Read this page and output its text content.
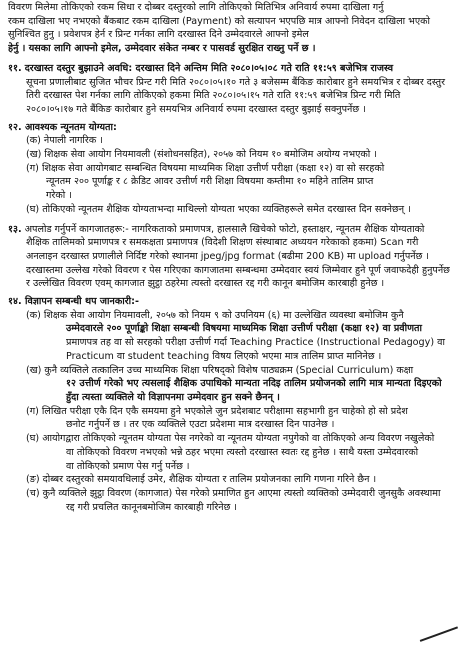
विवरण मिलेमा तोकिएको रकम सिधा र दोब्बर दस्तुरको लागि तोकिएको मितिभित्र अनिवार्य रुपमा दाखिला गर्नु
रकम दाखिला भए नभएको बैंकबाट रकम दाखिला (Payment) को सत्यापन भएपछि मात्र आफ्नो निवेदन दाखिला भएको
सुनिश्चित हुनु । प्रवेशपत्र हेर्न र प्रिन्ट गर्नका लागि दरखास्त दिने उम्मेदवारले आफ्नो इमेल
हेर्नु । यसका लागि आफ्नो इमेल, उम्मेदवार संकेत नम्बर र पासवर्ड सुरक्षित राख्नु पर्ने छ ।
११. दरखास्त दस्तुर बुझाउने अवधि: दरखास्त दिने अन्तिम मिति २०८०।०५।०८ गते राति ११:५९ बजेभित्र राजस्व
सूचना प्रणालीबाट सुजित भौचर प्रिन्ट गरी मिति २०८०।०५।१० गते ३ बजेसम्म बैंकिङ कारोबार हुने समयभित्र र दोब्बर दस्तुर
तिरी दरखास्त पेश गर्नका लागि तोकिएको हकमा मिति २०८०।०५।१५ गते राति ११:५९ बजेभित्र प्रिन्ट गरी मिति
२०८०।०५।१७ गते बैंकिङ कारोबार हुने समयभित्र अनिवार्य रुपमा दरखास्त दस्तुर बुझाई सक्नुपर्नेछ ।
१२. आवश्यक न्यूनतम योग्यता:
(क) नेपाली नागरिक ।
(ख) शिक्षक सेवा आयोग नियमावली (संशोधनसहित), २०५७ को नियम १० बमोजिम अयोग्य नभएको ।
(ग) शिक्षक सेवा आयोगबाट सम्बन्धित विषयमा माध्यमिक शिक्षा उत्तीर्ण परीक्षा (कक्षा १२) वा सो सरहको
न्यूनतम २०० पूर्णाङ्क र ८ क्रेडिट आवर उत्तीर्ण गरी शिक्षा विषयमा कम्तीमा १० महिने तालिम प्राप्त
गरेको ।
(घ) तोकिएको न्यूनतम शैक्षिक योग्यताभन्दा माथिल्लो योग्यता भएका व्यक्तिहरूले समेत दरखास्त दिन सक्नेछन् ।
१३. अपलोड गर्नुपर्ने कागजातहरू:- नागरिकताको प्रमाणपत्र, हालसालै खिचेको फोटो, हस्ताक्षर, न्यूनतम शैक्षिक योग्यताको
शैक्षिक तालिमको प्रमाणपत्र र समकक्षता प्रमाणपत्र (विदेशी शिक्षण संस्थाबाट अध्ययन गरेकाको हकमा) Scan गरी
अनलाइन दरखास्त प्रणालीले निर्दिष्ट गरेको स्थानमा jpeg/jpg format (बढीमा 200 KB) मा upload गर्नुपर्नेछ ।
दरखास्तमा उल्लेख गरेको विवरण र पेस गरिएका कागजातमा सम्बन्धमा उम्मेदवार स्वयं जिम्मेवार हुने पूर्ण जवाफदेही हुनुपर्नेछ
र उल्लेखित विवरण एवम् कागजात झुट्ठा ठहरेमा त्यस्तो दरखास्त रद्द गरी कानून बमोजिम कारबाही हुनेछ ।
१४. विज्ञापन सम्बन्धी थप जानकारी:-
(क) शिक्षक सेवा आयोग नियमावली, २०५७ को नियम ९ को उपनियम (६) मा उल्लेखित व्यवस्था बमोजिम कुनै
उम्मेदवारले २०० पूर्णाङ्को शिक्षा सम्बन्धी विषयमा माध्यमिक शिक्षा उत्तीर्ण परीक्षा (कक्षा १२) वा प्रवीणता
प्रमाणपत्र तह वा सो सरहको परीक्षा उत्तीर्ण गर्दा Teaching Practice (Instructional Pedagogy) वा
Practicum वा student teaching विषय लिएको भएमा मात्र तालिम प्राप्त मानिनेछ ।
(ख) कुनै व्यक्तिले तत्कालिन उच्च माध्यमिक शिक्षा परिषद्को विशेष पाठ्यक्रम (Special Curriculum) कक्षा
१२ उत्तीर्ण गरेको भए त्यसलाई शैक्षिक उपाधिको मान्यता नदिइ तालिम प्रयोजनको लागि मात्र मान्यता दिइएको
हुँदा त्यस्ता व्यक्तिले यो विज्ञापनमा उम्मेदवार हुन सक्ने छैनन् ।
(ग) लिखित परीक्षा एकै दिन एकै समयमा हुने भएकोले जुन प्रदेशबाट परीक्षामा सहभागी हुन चाहेको हो सो प्रदेश
छनोट गर्नुपर्ने छ । तर एक व्यक्तिले एउटा प्रदेशमा मात्र दरखास्त दिन पाउनेछ ।
(घ) आयोगद्वारा तोकिएको न्यूनतम योग्यता पेस नगरेको वा न्यूनतम योग्यता नपुगेको वा तोकिएको अन्य विवरण नखुलेको
वा तोकिएको विवरण नभएको भन्ने ठहर भएमा त्यस्तो दरखास्त स्वतः रद्द हुनेछ । साथै यस्ता उम्मेदवारको
वा तोकिएको प्रमाण पेस गर्नु पर्नेछ ।
(ङ) दोब्बर दस्तुरको समयावधिलाई उमेर, शैक्षिक योग्यता र तालिम प्रयोजनका लागि गणना गरिने छैन ।
(च) कुनै व्यक्तिले झुट्ठा विवरण (कागजात) पेस गरेको प्रमाणित हुन आएमा त्यस्तो व्यक्तिको उम्मेदवारी जुनसुकै अवस्थामा
रद्द गरी प्रचलित कानूनबमोजिम कारबाही गरिनेछ ।
